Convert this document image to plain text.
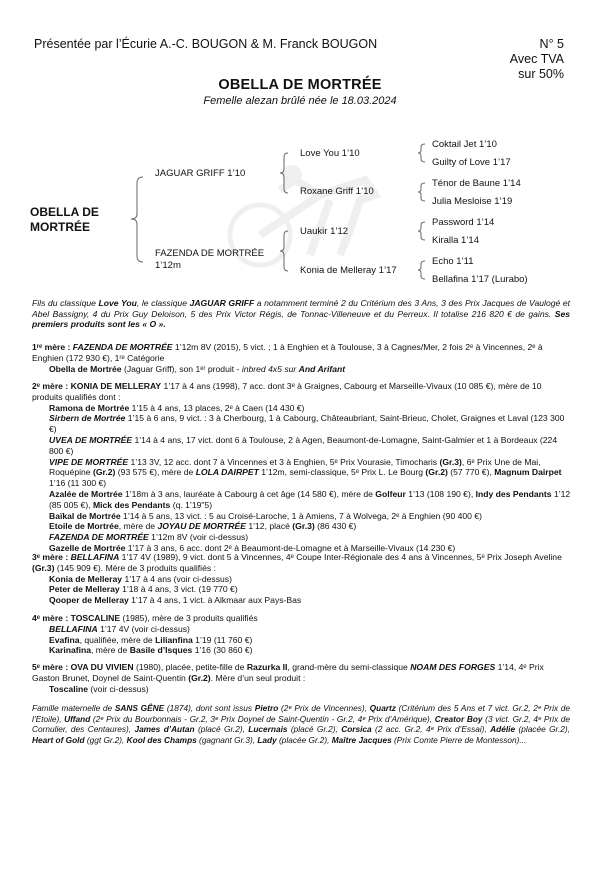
Présentée par l’Écurie A.-C. BOUGON & M. Franck BOUGON	N° 5
Avec TVA
sur 50%
OBELLA DE MORTRÉE
Femelle alezan brûlé née le 18.03.2024
OBELLA DE
MORTRÉE
JAGUAR GRIFF 1’10
FAZENDA DE MORTRÉE
1’12m
Love You 1’10
Roxane Griff 1’10
Uaukir 1’12
Konia de Melleray 1’17
Coktail Jet 1’10
Guilty of Love 1’17
Ténor de Baune 1’14
Julia Mesloise 1’19
Password 1’14
Kiralla 1’14
Echo 1’11
Bellafina 1’17 (Lurabo)
Fils du classique Love You, le classique JAGUAR GRIFF a notamment terminé 2 du Critérium des 3 Ans, 3 des Prix Jacques de Vaulogé et Abel Bassigny, 4 du Prix Guy Deloison, 5 des Prix Victor Régis, de Tonnac-Villeneuve et du Perreux. Il totalise 216 820 € de gains. Ses premiers produits sont les « O ».

1ʳᵉ mère : FAZENDA DE MORTRÉE 1’12m 8V (2015), 5 vict. ; 1 à Enghien et à Toulouse, 3 à Cagnes/Mer, 2 fois 2ᵉ à Vincennes, 2ᵉ à Enghien (172 930 €), 1ʳᵉ Catégorie

Obella de Mortrée (Jaguar Griff), son 1ᵉʳ produit - inbred 4x5 sur And Arifant

2ᵉ mère : KONIA DE MELLERAY 1’17 à 4 ans (1998), 7 acc. dont 3ᵉ à Graignes, Cabourg et Marseille-Vivaux (10 085 €), mère de 10 produits qualifiés dont :

Ramona de Mortrée 1’15 à 4 ans, 13 places, 2ᵉ à Caen (14 430 €)

Sirbern de Mortrée 1’15 à 6 ans, 9 vict. : 3 à Cherbourg, 1 à Cabourg, Châteaubriant, Saint-Brieuc, Cholet, Graignes et Laval (123 300 €)

UVEA DE MORTRÉE 1’14 à 4 ans, 17 vict. dont 6 à Toulouse, 2 à Agen, Beaumont-de-Lomagne, Saint-Galmier et 1 à Bordeaux (224 800 €)

VIPE DE MORTRÉE 1’13 3V, 12 acc. dont 7 à Vincennes et 3 à Enghien, 5ᵉ Prix Vourasie, Timocharis (Gr.3), 6ᵉ Prix Une de Mai, Roquépine (Gr.2) (93 575 €), mère de LOLA DAIRPET 1’12m, semi-classique, 5ᵉ Prix L. Le Bourg (Gr.2) (57 770 €), Magnum Dairpet 1’16 (11 300 €)

Azalée de Mortrée 1’18m à 3 ans, lauréate à Cabourg à cet âge (14 580 €), mère de Golfeur 1’13 (108 190 €), Indy des Pendants 1’12 (85 005 €), Mick des Pendants (q. 1’19"5)

Baïkal de Mortrée 1’14 à 5 ans, 13 vict. : 5 au Croisé-Laroche, 1 à Amiens, 7 à Wolvega, 2ᵉ à Enghien (90 400 €)

Etoile de Mortrée, mère de JOYAU DE MORTRÉE 1’12, placé (Gr.3) (86 430 €)

FAZENDA DE MORTRÉE 1’12m 8V (voir ci-dessus)

Gazelle de Mortrée 1’17 à 3 ans, 6 acc. dont 2ᵉ à Beaumont-de-Lomagne et à Marseille-Vivaux (14 230 €)

3ᵉ mère : BELLAFINA 1’17 4V (1989), 9 vict. dont 5 à Vincennes, 4ᵉ Coupe Inter-Régionale des 4 ans à Vincennes, 5ᵉ Prix Joseph Aveline (Gr.3) (145 909 €). Mère de 3 produits qualifiés :

Konia de Melleray 1’17 à 4 ans (voir ci-dessus)

Peter de Melleray 1’18 à 4 ans, 3 vict. (19 770 €)

Qooper de Melleray 1’17 à 4 ans, 1 vict. à Alkmaar aux Pays-Bas

4ᵉ mère : TOSCALINE (1985), mère de 3 produits qualifiés

BELLAFINA 1’17 4V (voir ci-dessus)

Evafina, qualifiée, mère de Lilianfina 1’19 (11 760 €)

Karinafina, mère de Basile d’Isques 1’16 (30 860 €)

5ᵉ mère : OVA DU VIVIEN (1980), placée, petite-fille de Razurka II, grand-mère du semi-classique NOAM DES FORGES 1’14, 4ᵉ Prix Gaston Brunet, Doynel de Saint-Quentin (Gr.2). Mère d’un seul produit :

Toscaline (voir ci-dessus)

Famille maternelle de SANS GÊNE (1874), dont sont issus Pietro (2ᵉ Prix de Vincennes), Quartz (Critérium des 5 Ans et 7 vict. Gr.2, 2ᵉ Prix de l’Etoile), Uffand (2ᵉ Prix du Bourbonnais - Gr.2, 3ᵉ Prix Doynel de Saint-Quentin - Gr.2, 4ᵉ Prix d’Amérique), Creator Boy (3 vict. Gr.2, 4ᵉ Prix de Cornulier, des Centaures), James d’Autan (placé Gr.2), Lucernais (placé Gr.2), Corsica (2 acc. Gr.2, 4ᵉ Prix d’Essai), Adélie (placée Gr.2), Heart of Gold (ggt Gr.2), Kool des Champs (gagnant Gr.3), Lady (placée Gr.2), Maître Jacques (Prix Comte Pierre de Montesson)...
